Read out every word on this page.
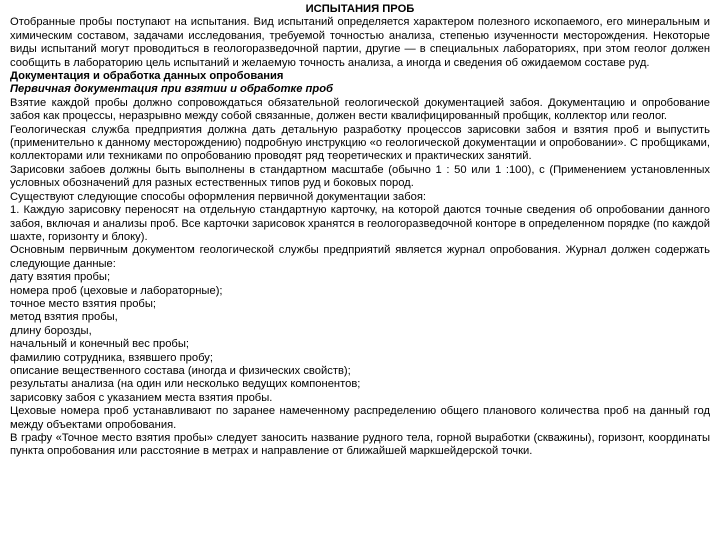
ИСПЫТАНИЯ ПРОБ

Отобранные пробы поступают на испытания. Вид испытаний определяется характером полезного ископаемого, его минеральным и химическим составом, задачами исследования, требуемой точностью анализа, степенью изученности месторождения. Некоторые виды испытаний могут проводиться в геологоразведочной партии, другие — в специальных лабораториях, при этом геолог должен сообщить в лабораторию цель испытаний и желаемую точность анализа, а иногда и сведения об ожидаемом составе руд.

Документация и обработка данных опробования

Первичная документация при взятии и обработке проб

Взятие каждой пробы должно сопровождаться обязательной геологической документацией забоя. Документацию и опробование забоя как процессы, неразрывно между собой связанные, должен вести квалифицированный пробщик, коллектор или геолог.

Геологическая служба предприятия должна дать детальную разработку процессов зарисовки забоя и взятия проб и выпустить (применительно к данному месторождению) подробную инструкцию «о геологической документации и опробовании». С пробщиками, коллекторами или техниками по опробованию проводят ряд теоретических и практических занятий.

Зарисовки забоев должны быть выполнены в стандартном масштабе (обычно 1 : 50 или 1 :100), с (Применением установленных условных обозначений для разных естественных типов руд и боковых пород.

Существуют следующие способы оформления первичной документации забоя:

1. Каждую зарисовку переносят на отдельную стандартную карточку, на которой даются точные сведения об опробовании данного забоя, включая и анализы проб. Все карточки зарисовок хранятся в геологоразведочной конторе в определенном порядке (по каждой шахте, горизонту и блоку).

Основным первичным документом геологической службы предприятий является журнал опробования. Журнал должен содержать следующие данные:

дату взятия пробы;

номера проб (цеховые и лабораторные);

точное место взятия пробы;

метод взятия пробы,

длину борозды,

начальный и конечный вес пробы;

фамилию сотрудника, взявшего пробу;

описание вещественного состава (иногда и физических свойств);

результаты анализа (на один или несколько ведущих компонентов;

зарисовку забоя с указанием места взятия пробы.

Цеховые номера проб устанавливают по заранее намеченному распределению общего планового количества проб на данный год между объектами опробования.

В графу «Точное место взятия пробы» следует заносить название рудного тела, горной выработки (скважины), горизонт, координаты пункта опробования или расстояние в метрах и направление от ближайшей маркшейдерской точки.
